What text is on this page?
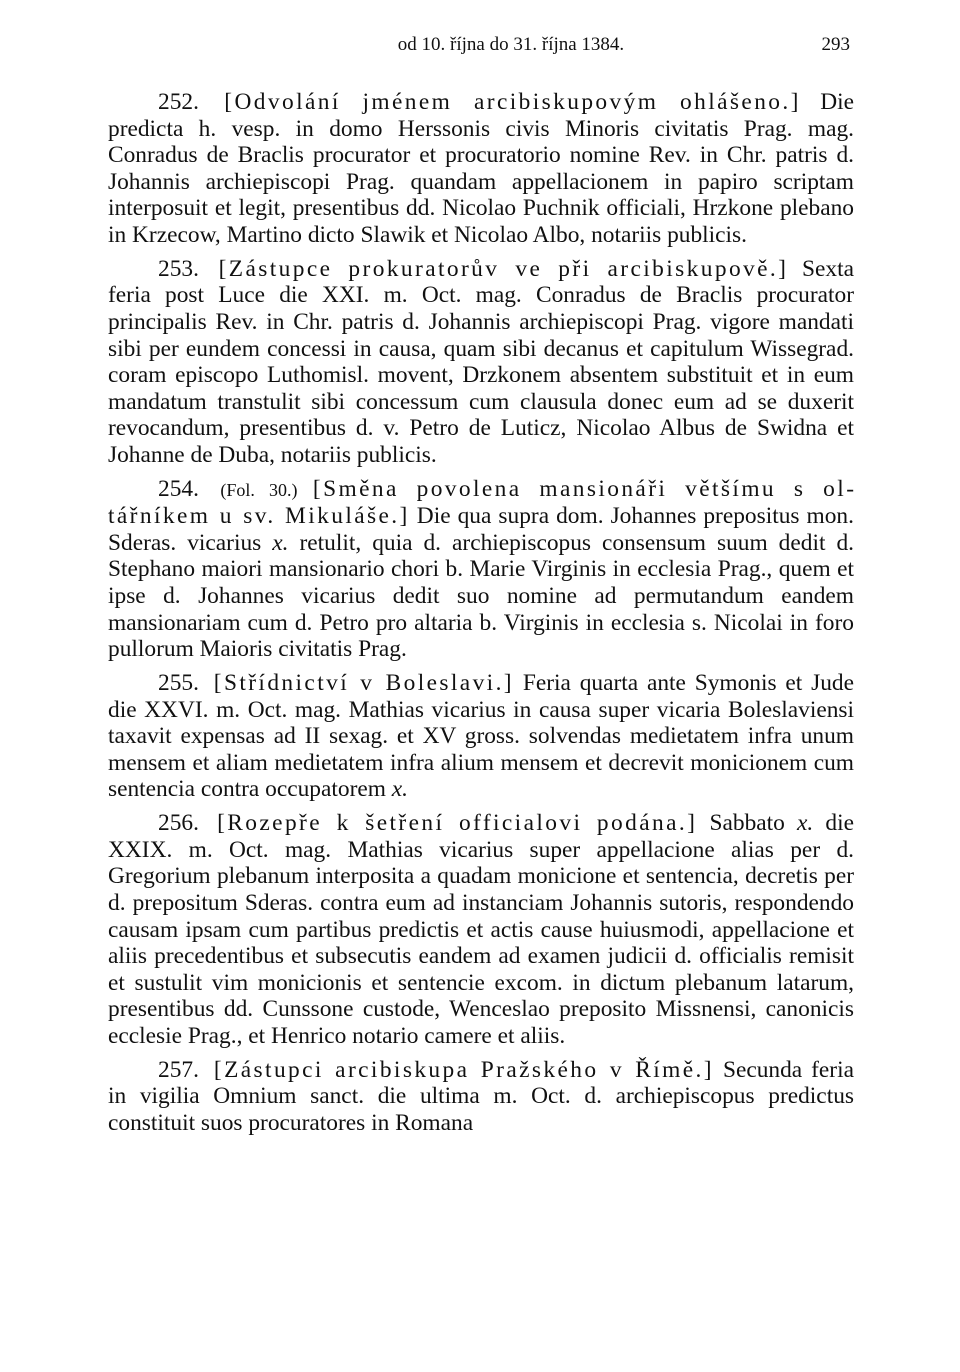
od 10. října do 31. října 1384.	293

252. [Odvolání jménem arcibiskupovým ohlášeno.] Die predicta h. vesp. in domo Herssonis civis Minoris civitatis Prag. mag. Conradus de Braclis procurator et procuratorio nomine Rev. in Chr. patris d. Johannis archiepiscopi Prag. quandam appellacionem in papiro scriptam interposuit et legit, presentibus dd. Nicolao Puchnik officiali, Hrzkone plebano in Krzecow, Martino dicto Slawik et Nicolao Albo, notariis publicis.

253. [Zástupce prokuratorův ve při arcibiskupově.] Sexta feria post Luce die XXI. m. Oct. mag. Conradus de Braclis procurator principalis Rev. in Chr. patris d. Johannis archiepiscopi Prag. vigore mandati sibi per eundem concessi in causa, quam sibi decanus et capitulum Wissegrad. coram episcopo Luthomisl. movent, Drzkonem absentem substituit et in eum mandatum transtulit sibi concessum cum clausula donec eum ad se duxerit revocandum, presentibus d. v. Petro de Luticz, Nicolao Albus de Swidna et Johanne de Duba, notariis publicis.

254. (Fol. 30.) [Směna povolena mansionáři většímu s oltářníkem u sv. Mikuláše.] Die qua supra dom. Johannes prepositus mon. Sderas. vicarius x. retulit, quia d. archiepiscopus consensum suum dedit d. Stephano maiori mansionario chori b. Marie Virginis in ecclesia Prag., quem et ipse d. Johannes vicarius dedit suo nomine ad permutandum eandem mansionariam cum d. Petro pro altaria b. Virginis in ecclesia s. Nicolai in foro pullorum Maioris civitatis Prag.

255. [Střídnictví v Boleslavi.] Feria quarta ante Symonis et Jude die XXVI. m. Oct. mag. Mathias vicarius in causa super vicaria Boleslaviensi taxavit expensas ad II sexag. et XV gross. solvendas medietatem infra unum mensem et aliam medietatem infra alium mensem et decrevit monicionem cum sentencia contra occupatorem x.

256. [Rozepře k šetření officialovi podána.] Sabbato x. die XXIX. m. Oct. mag. Mathias vicarius super appellacione alias per d. Gregorium plebanum interposita a quadam monicione et sentencia, decretis per d. prepositum Sderas. contra eum ad instanciam Johannis sutoris, respondendo causam ipsam cum partibus predictis et actis cause huiusmodi, appellacione et aliis precedentibus et subsecutis eandem ad examen judicii d. officialis remisit et sustulit vim monicionis et sentencie excom. in dictum plebanum latarum, presentibus dd. Cunssone custode, Wenceslao preposito Missnensi, canonicis ecclesie Prag., et Henrico notario camere et aliis.

257. [Zástupci arcibiskupa Pražského v Římě.] Secunda feria in vigilia Omnium sanct. die ultima m. Oct. d. archiepiscopus predictus constituit suos procuratores in Romana
